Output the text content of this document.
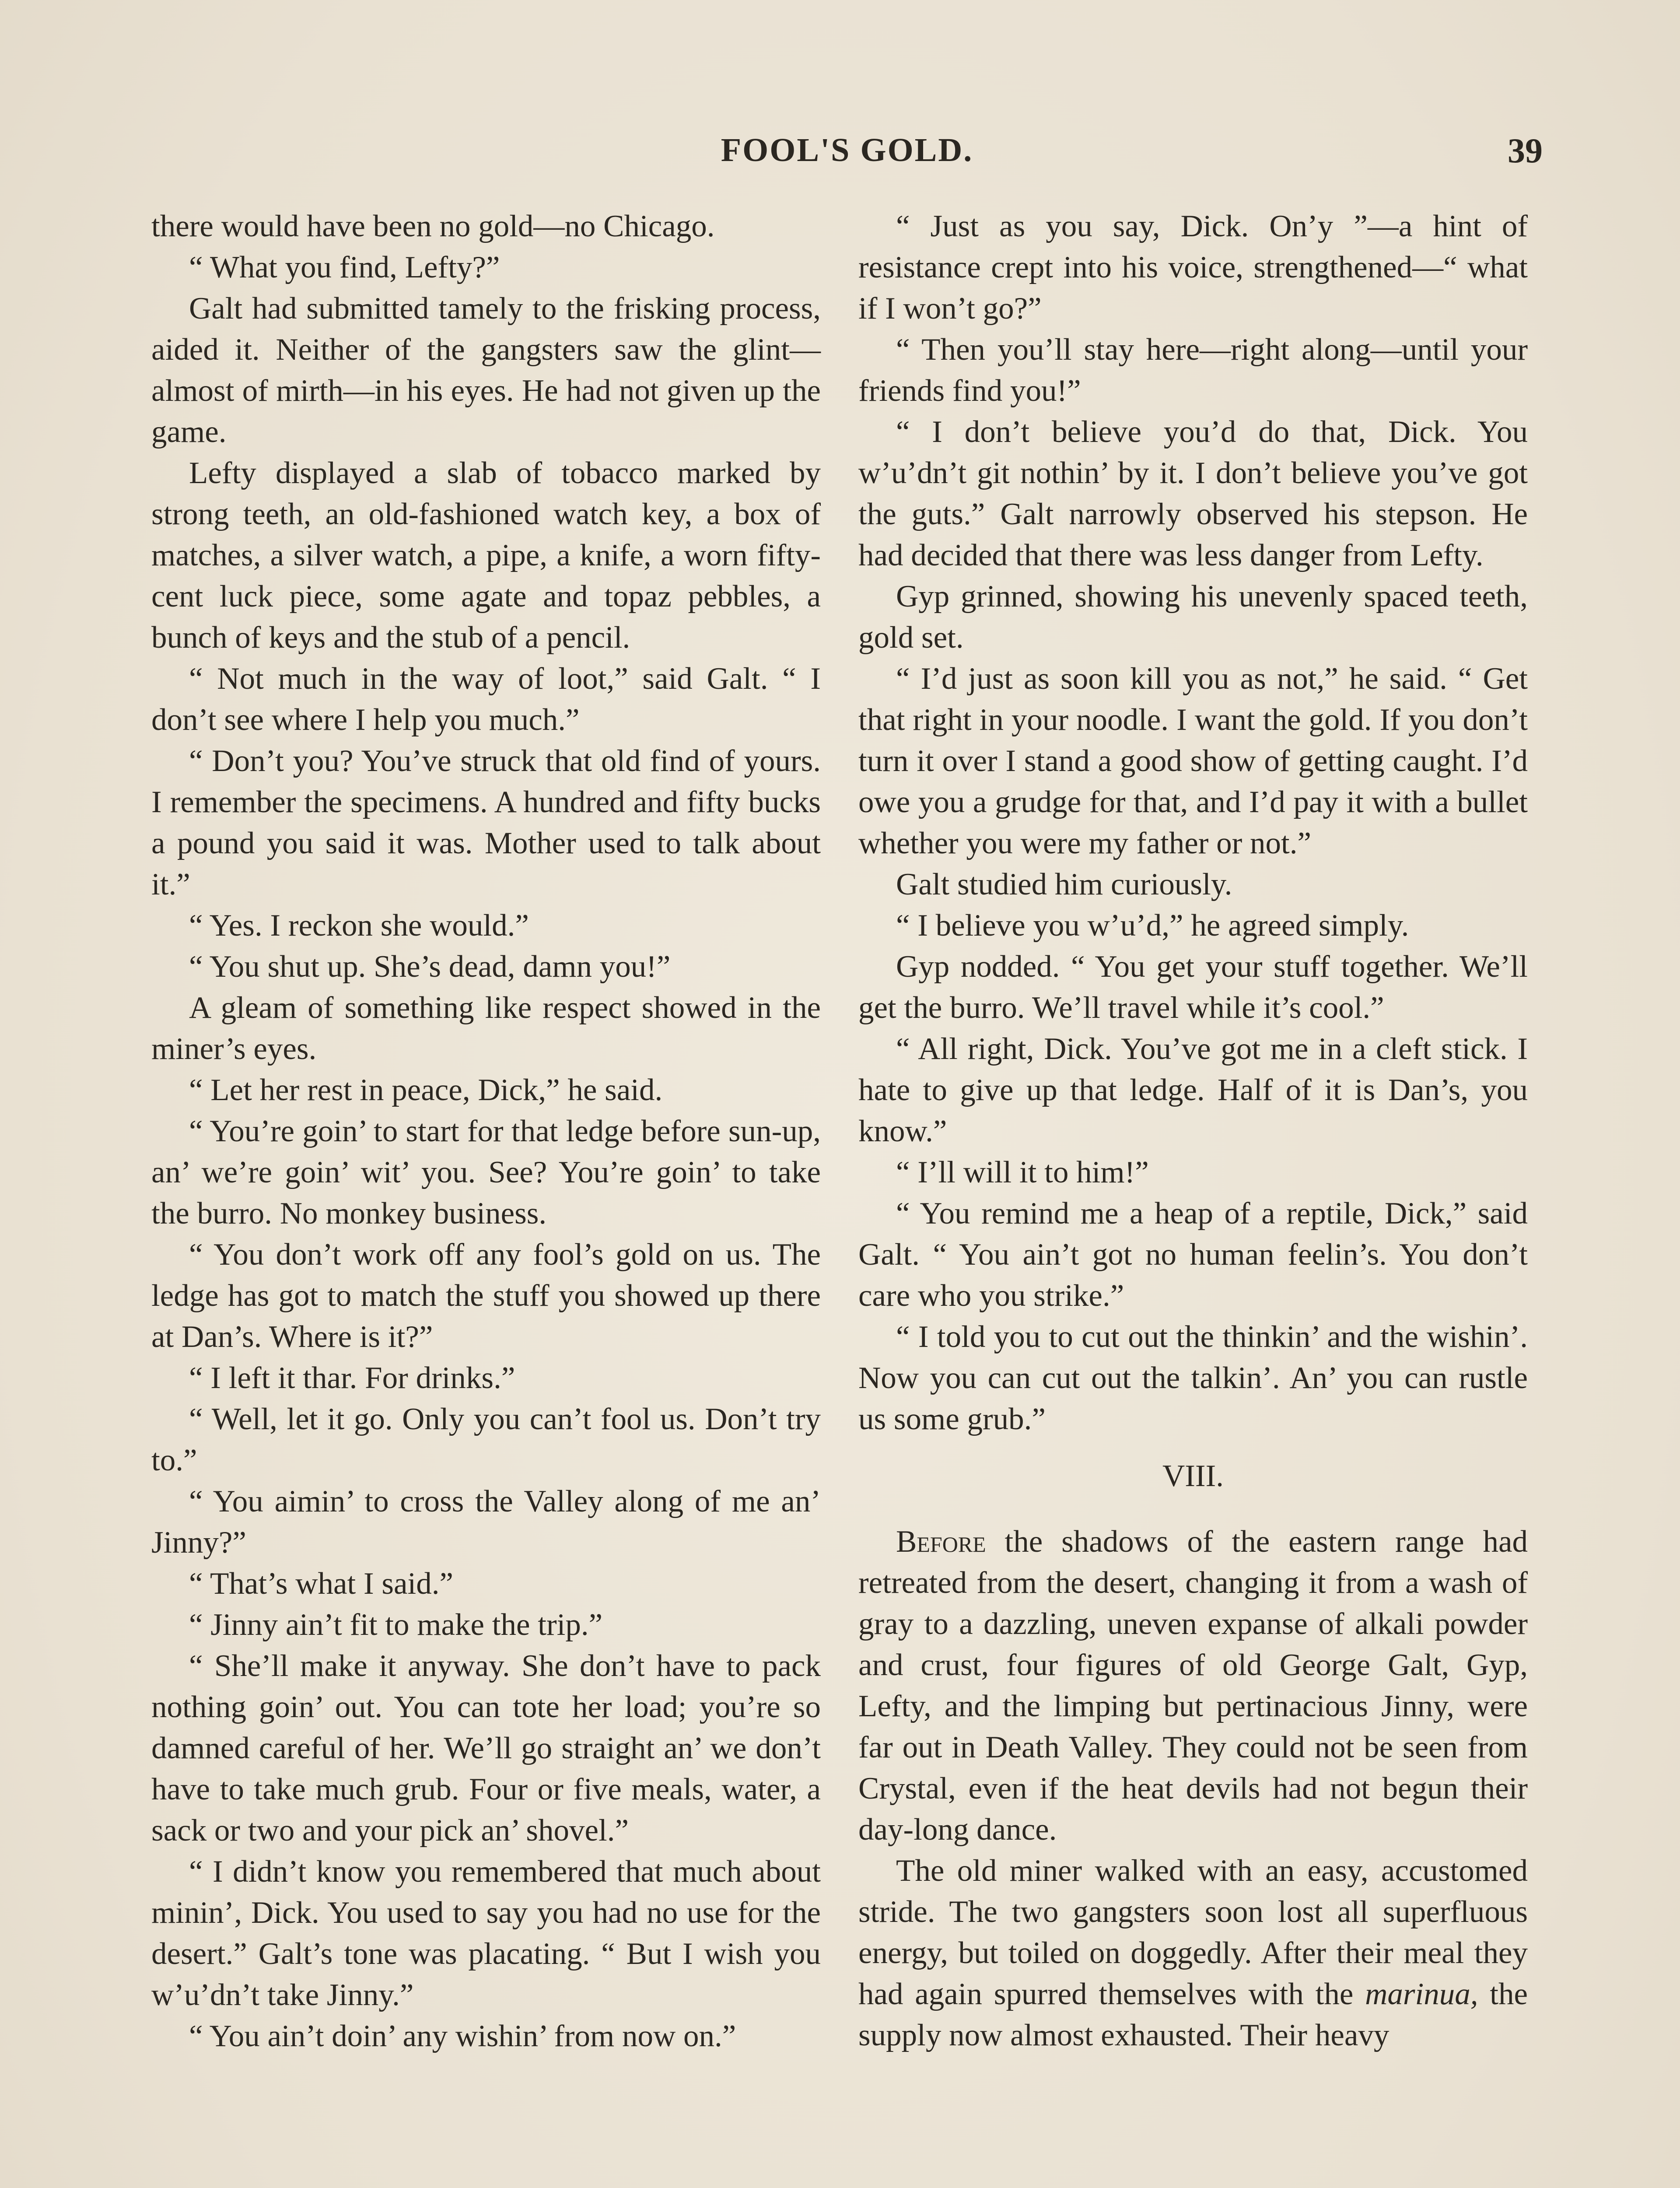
FOOL'S GOLD.	39

there would have been no gold—no Chicago.

“ What you find, Lefty?”

Galt had submitted tamely to the frisking process, aided it. Neither of the gangsters saw the glint—almost of mirth—in his eyes. He had not given up the game.

Lefty displayed a slab of tobacco marked by strong teeth, an old-fashioned watch key, a box of matches, a silver watch, a pipe, a knife, a worn fifty-cent luck piece, some agate and topaz pebbles, a bunch of keys and the stub of a pencil.

“ Not much in the way of loot,” said Galt. “ I don’t see where I help you much.”

“ Don’t you? You’ve struck that old find of yours. I remember the specimens. A hundred and fifty bucks a pound you said it was. Mother used to talk about it.”

“ Yes. I reckon she would.”

“ You shut up. She’s dead, damn you!”

A gleam of something like respect showed in the miner’s eyes.

“ Let her rest in peace, Dick,” he said.

“ You’re goin’ to start for that ledge before sun-up, an’ we’re goin’ wit’ you. See? You’re goin’ to take the burro. No monkey business.

“ You don’t work off any fool’s gold on us. The ledge has got to match the stuff you showed up there at Dan’s. Where is it?”

“ I left it thar. For drinks.”

“ Well, let it go. Only you can’t fool us. Don’t try to.”

“ You aimin’ to cross the Valley along of me an’ Jinny?”

“ That’s what I said.”

“ Jinny ain’t fit to make the trip.”

“ She’ll make it anyway. She don’t have to pack nothing goin’ out. You can tote her load; you’re so damned careful of her. We’ll go straight an’ we don’t have to take much grub. Four or five meals, water, a sack or two and your pick an’ shovel.”

“ I didn’t know you remembered that much about minin’, Dick. You used to say you had no use for the desert.” Galt’s tone was placating. “ But I wish you w’u’dn’t take Jinny.”

“ You ain’t doin’ any wishin’ from now on.”

“ Just as you say, Dick. On’y ”—a hint of resistance crept into his voice, strengthened—“ what if I won’t go?”

“ Then you’ll stay here—right along—until your friends find you!”

“ I don’t believe you’d do that, Dick. You w’u’dn’t git nothin’ by it. I don’t believe you’ve got the guts.” Galt narrowly observed his stepson. He had decided that there was less danger from Lefty.

Gyp grinned, showing his unevenly spaced teeth, gold set.

“ I’d just as soon kill you as not,” he said. “ Get that right in your noodle. I want the gold. If you don’t turn it over I stand a good show of getting caught. I’d owe you a grudge for that, and I’d pay it with a bullet whether you were my father or not.”

Galt studied him curiously.

“ I believe you w’u’d,” he agreed simply.

Gyp nodded. “ You get your stuff together. We’ll get the burro. We’ll travel while it’s cool.”

“ All right, Dick. You’ve got me in a cleft stick. I hate to give up that ledge. Half of it is Dan’s, you know.”

“ I’ll will it to him!”

“ You remind me a heap of a reptile, Dick,” said Galt. “ You ain’t got no human feelin’s. You don’t care who you strike.”

“ I told you to cut out the thinkin’ and the wishin’. Now you can cut out the talkin’. An’ you can rustle us some grub.”

VIII.

Before the shadows of the eastern range had retreated from the desert, changing it from a wash of gray to a dazzling, uneven expanse of alkali powder and crust, four figures of old George Galt, Gyp, Lefty, and the limping but pertinacious Jinny, were far out in Death Valley. They could not be seen from Crystal, even if the heat devils had not begun their day-long dance.

The old miner walked with an easy, accustomed stride. The two gangsters soon lost all superfluous energy, but toiled on doggedly. After their meal they had again spurred themselves with the marinua, the supply now almost exhausted. Their heavy
